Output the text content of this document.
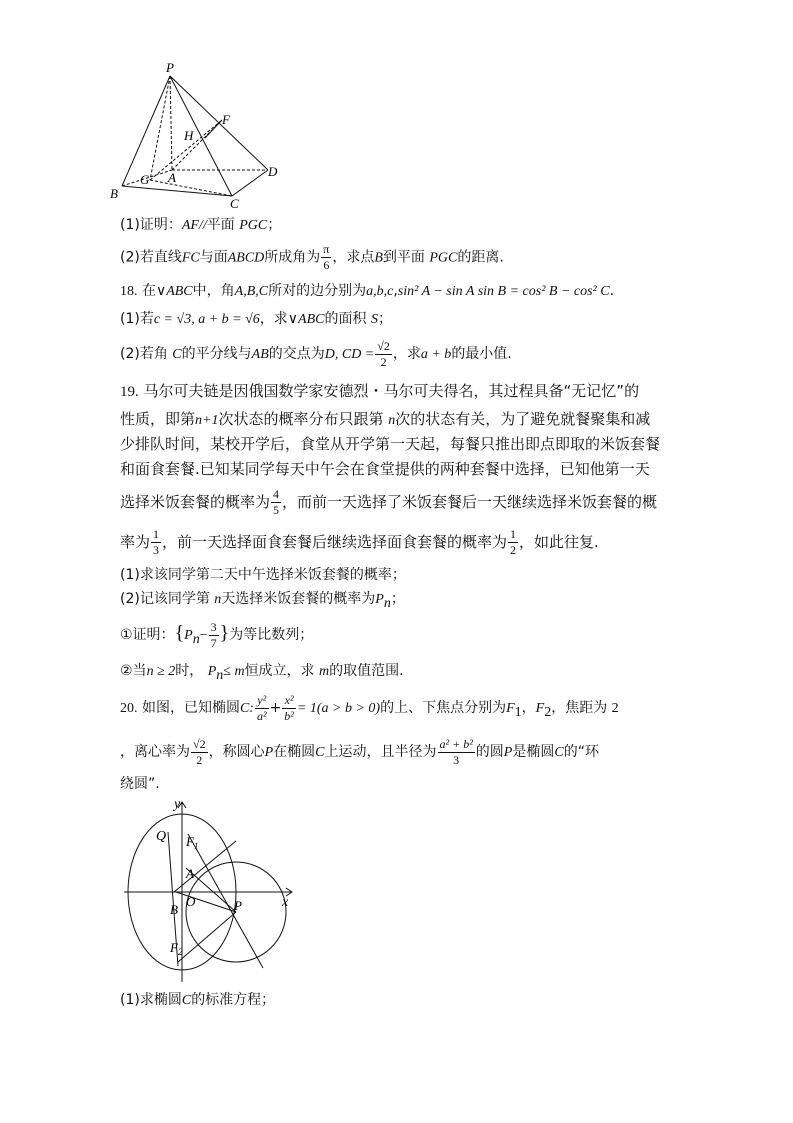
P
F
H
G A
B
C
D
(1)证明：AF//平面 PGC；
(2)若直线FC与面ABCD所成角为 $\frac{\pi}{6}$ ，求点B到平面 PGC的距离.
18. 在∨ABC中，角A,B,C所对的边分别为a,b,c,sin² A − sin A sin B = cos² B − cos² C.
(1)若c = √3, a + b = √6，求∨ABC的面积 S；
(2)若角 C的平分线与AB的交点为D, CD = $\frac{√2}{2}$ ，求a + b的最小值.
19. 马尔可夫链是因俄国数学家安德烈・马尔可夫得名，其过程具备“无记忆”的
性质，即第n+1次状态的概率分布只跟第 n次的状态有关，为了避免就餐聚集和减
少排队时间，某校开学后，食堂从开学第一天起，每餐只推出即点即取的米饭套餐
和面食套餐.已知某同学每天中午会在食堂提供的两种套餐中选择，已知他第一天
选择米饭套餐的概率为 $\frac{4}{5}$ ，而前一天选择了米饭套餐后一天继续选择米饭套餐的概
率为 $\frac{1}{3}$ ，前一天选择面食套餐后继续选择面食套餐的概率为 $\frac{1}{2}$ ，如此往复.
(1)求该同学第二天中午选择米饭套餐的概率；
(2)记该同学第 n天选择米饭套餐的概率为$P_n$；
①证明：{$P_n- \frac{3}{7}$ }为等比数列；
②当n ≥ 2时， $P_n\le m$恒成立，求 m的取值范围.
20. 如图，已知椭圆C: $\frac{\text{y²}}{\text{a²}} + \frac{\text{x²}}{\text{b²}} = 1(a > b > 0)$的上、下焦点分别为$F_1$，$F_2$，焦距为 2
，离心率为 $\frac{√2}{2}$ ，称圆心P在椭圆C上运动，且半径为 $\frac{\text{a² + b²}}{3}$ 的圆P是椭圆C的“环
绕圆”.
y
x
Q $F_1$
A
O
B	P
$F_2$
(1)求椭圆C的标准方程；
